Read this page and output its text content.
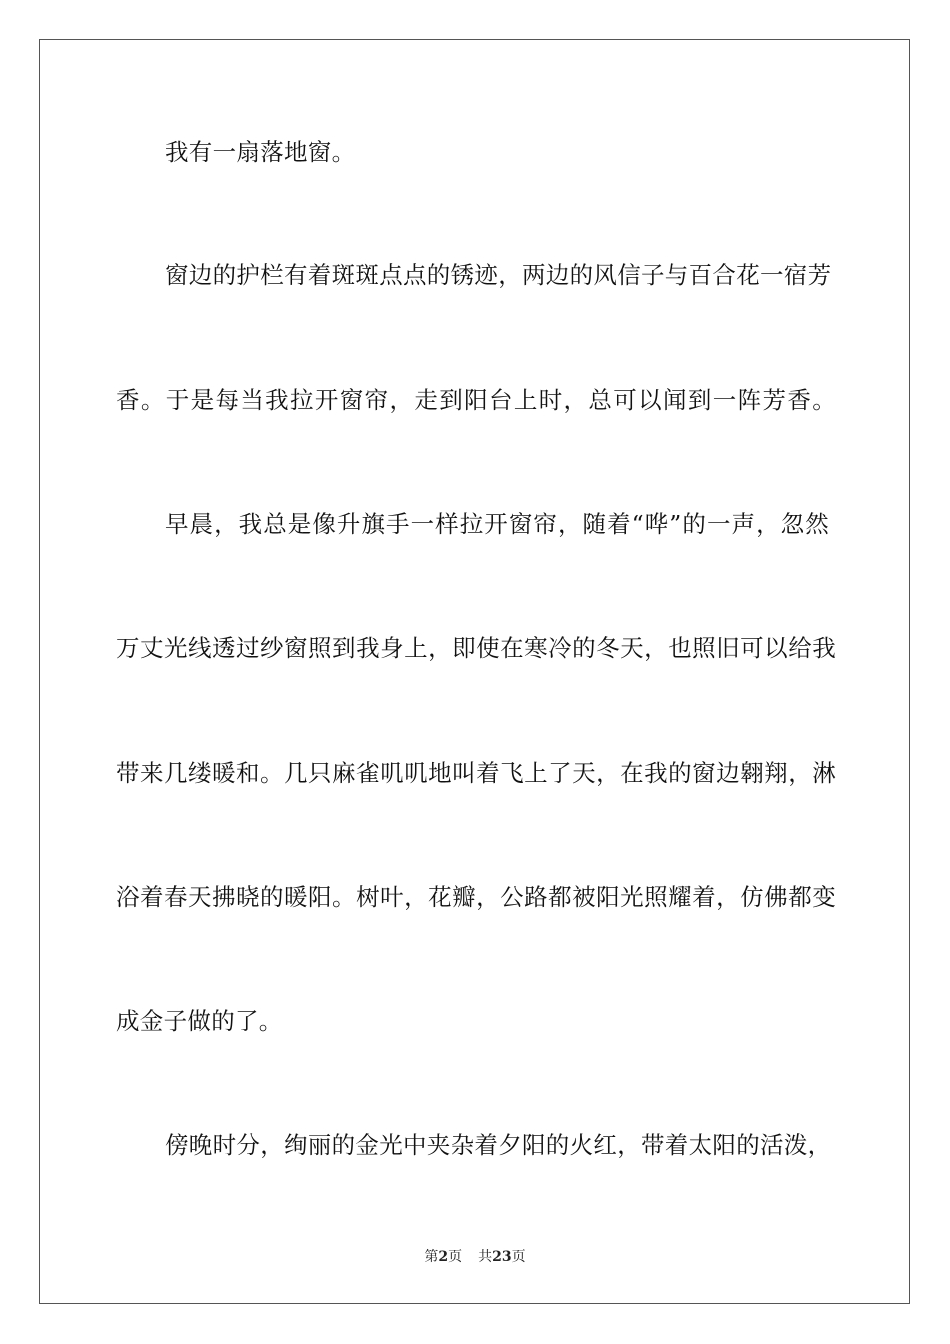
我有一扇落地窗。
窗边的护栏有着斑斑点点的锈迹，两边的风信子与百合花一宿芳
香。于是每当我拉开窗帘，走到阳台上时，总可以闻到一阵芳香。
早晨，我总是像升旗手一样拉开窗帘，随着“哗”的一声，忽然
万丈光线透过纱窗照到我身上，即使在寒冷的冬天，也照旧可以给我
带来几缕暖和。几只麻雀叽叽地叫着飞上了天，在我的窗边翱翔，淋
浴着春天拂晓的暖阳。树叶，花瓣，公路都被阳光照耀着，仿佛都变
成金子做的了。
傍晚时分，绚丽的金光中夹杂着夕阳的火红，带着太阳的活泼，
第2页 共23页
